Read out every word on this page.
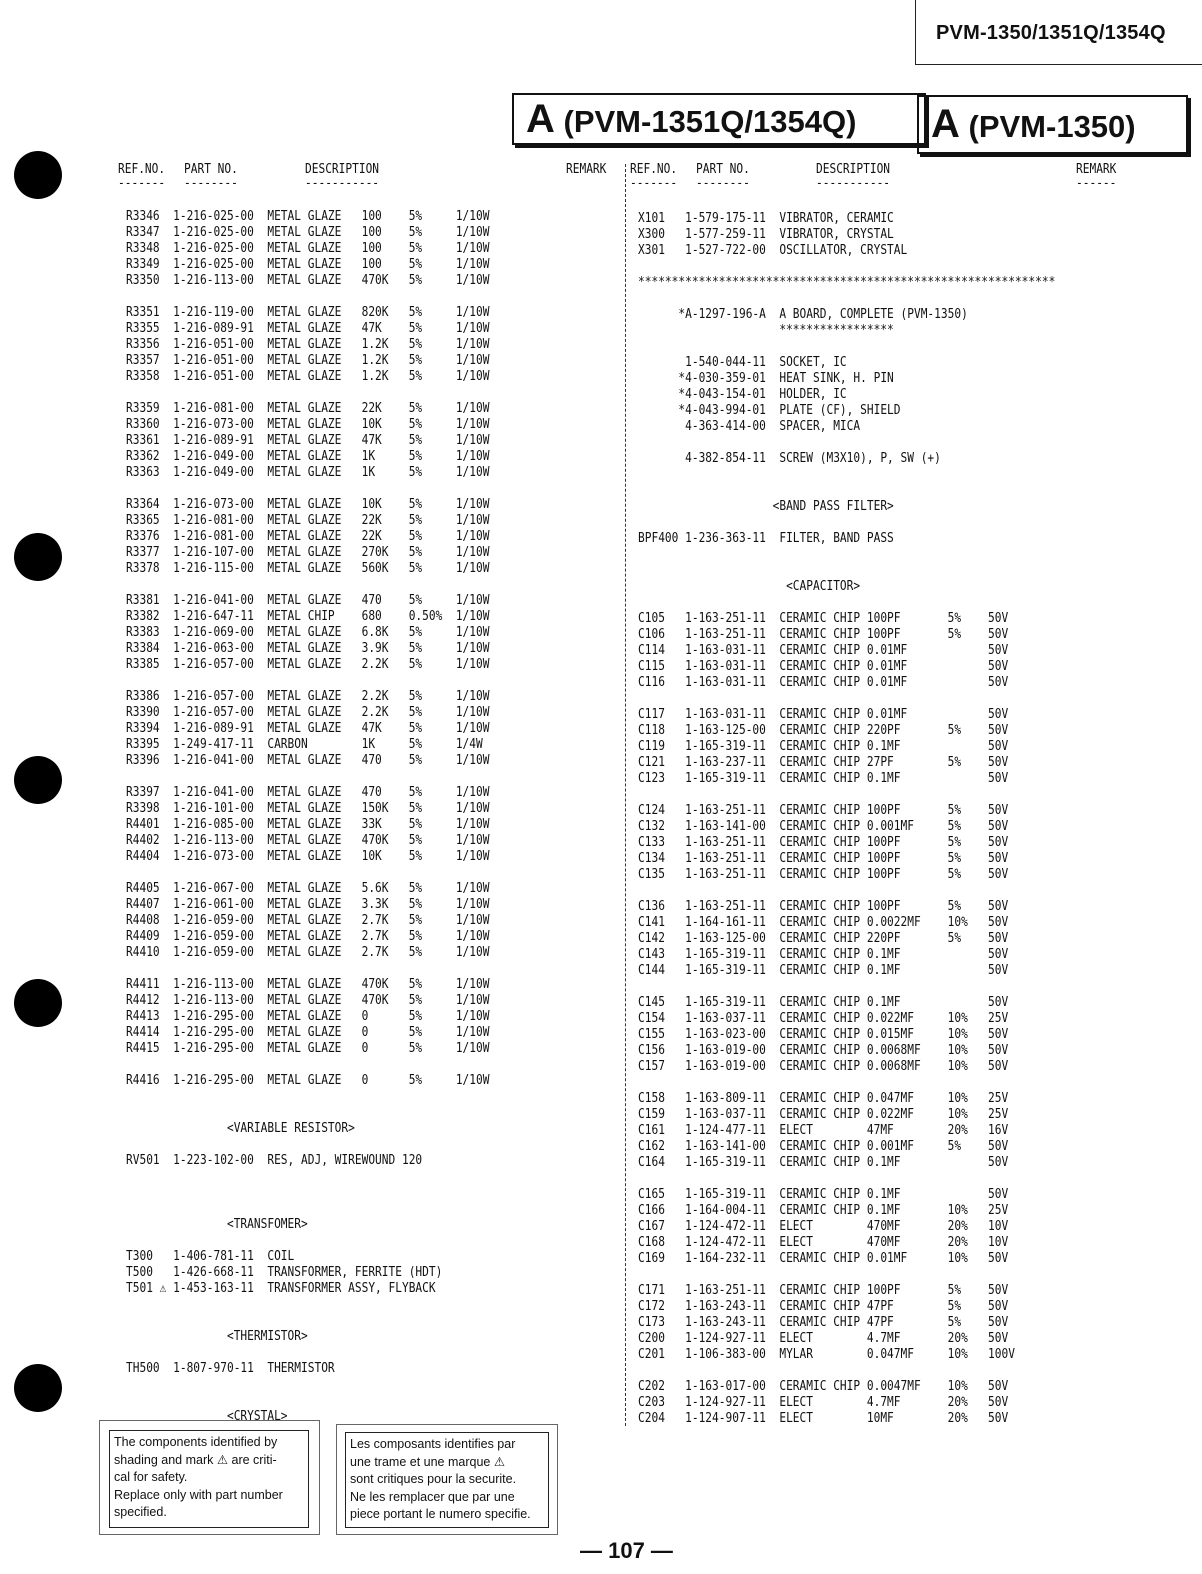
PVM-1350/1351Q/1354Q
A (PVM-1351Q/1354Q)	A (PVM-1350)
REF.NO. PART NO.	DESCRIPTION	REMARK
------- --------	-----------
REF.NO. PART NO.	DESCRIPTION	REMARK
------- --------	-----------	------
R3346  1-216-025-00  METAL GLAZE   100    5%     1/10W
R3347  1-216-025-00  METAL GLAZE   100    5%     1/10W
R3348  1-216-025-00  METAL GLAZE   100    5%     1/10W
R3349  1-216-025-00  METAL GLAZE   100    5%     1/10W
R3350  1-216-113-00  METAL GLAZE   470K   5%     1/10W

R3351  1-216-119-00  METAL GLAZE   820K   5%     1/10W
R3355  1-216-089-91  METAL GLAZE   47K    5%     1/10W
R3356  1-216-051-00  METAL GLAZE   1.2K   5%     1/10W
R3357  1-216-051-00  METAL GLAZE   1.2K   5%     1/10W
R3358  1-216-051-00  METAL GLAZE   1.2K   5%     1/10W

R3359  1-216-081-00  METAL GLAZE   22K    5%     1/10W
R3360  1-216-073-00  METAL GLAZE   10K    5%     1/10W
R3361  1-216-089-91  METAL GLAZE   47K    5%     1/10W
R3362  1-216-049-00  METAL GLAZE   1K     5%     1/10W
R3363  1-216-049-00  METAL GLAZE   1K     5%     1/10W

R3364  1-216-073-00  METAL GLAZE   10K    5%     1/10W
R3365  1-216-081-00  METAL GLAZE   22K    5%     1/10W
R3376  1-216-081-00  METAL GLAZE   22K    5%     1/10W
R3377  1-216-107-00  METAL GLAZE   270K   5%     1/10W
R3378  1-216-115-00  METAL GLAZE   560K   5%     1/10W

R3381  1-216-041-00  METAL GLAZE   470    5%     1/10W
R3382  1-216-647-11  METAL CHIP    680    0.50%  1/10W
R3383  1-216-069-00  METAL GLAZE   6.8K   5%     1/10W
R3384  1-216-063-00  METAL GLAZE   3.9K   5%     1/10W
R3385  1-216-057-00  METAL GLAZE   2.2K   5%     1/10W

R3386  1-216-057-00  METAL GLAZE   2.2K   5%     1/10W
R3390  1-216-057-00  METAL GLAZE   2.2K   5%     1/10W
R3394  1-216-089-91  METAL GLAZE   47K    5%     1/10W
R3395  1-249-417-11  CARBON        1K     5%     1/4W
R3396  1-216-041-00  METAL GLAZE   470    5%     1/10W

R3397  1-216-041-00  METAL GLAZE   470    5%     1/10W
R3398  1-216-101-00  METAL GLAZE   150K   5%     1/10W
R4401  1-216-085-00  METAL GLAZE   33K    5%     1/10W
R4402  1-216-113-00  METAL GLAZE   470K   5%     1/10W
R4404  1-216-073-00  METAL GLAZE   10K    5%     1/10W

R4405  1-216-067-00  METAL GLAZE   5.6K   5%     1/10W
R4407  1-216-061-00  METAL GLAZE   3.3K   5%     1/10W
R4408  1-216-059-00  METAL GLAZE   2.7K   5%     1/10W
R4409  1-216-059-00  METAL GLAZE   2.7K   5%     1/10W
R4410  1-216-059-00  METAL GLAZE   2.7K   5%     1/10W

R4411  1-216-113-00  METAL GLAZE   470K   5%     1/10W
R4412  1-216-113-00  METAL GLAZE   470K   5%     1/10W
R4413  1-216-295-00  METAL GLAZE   0      5%     1/10W
R4414  1-216-295-00  METAL GLAZE   0      5%     1/10W
R4415  1-216-295-00  METAL GLAZE   0      5%     1/10W

R4416  1-216-295-00  METAL GLAZE   0      5%     1/10W

<VARIABLE RESISTOR>

RV501  1-223-102-00  RES, ADJ, WIREWOUND 120

<TRANSFOMER>

T300   1-406-781-11  COIL
T500   1-426-668-11  TRANSFORMER, FERRITE (HDT)
T501 ⚠ 1-453-163-11  TRANSFORMER ASSY, FLYBACK

<THERMISTOR>

TH500  1-807-970-11  THERMISTOR

<CRYSTAL>
X101   1-579-175-11  VIBRATOR, CERAMIC
X300   1-577-259-11  VIBRATOR, CRYSTAL
X301   1-527-722-00  OSCILLATOR, CRYSTAL

**************************************************************

*A-1297-196-A  A BOARD, COMPLETE (PVM-1350)
*****************

1-540-044-11  SOCKET, IC
*4-030-359-01  HEAT SINK, H. PIN
*4-043-154-01  HOLDER, IC
*4-043-994-01  PLATE (CF), SHIELD
4-363-414-00  SPACER, MICA

4-382-854-11  SCREW (M3X10), P, SW (+)

<BAND PASS FILTER>

BPF400 1-236-363-11  FILTER, BAND PASS

<CAPACITOR>

C105   1-163-251-11  CERAMIC CHIP 100PF       5%    50V
C106   1-163-251-11  CERAMIC CHIP 100PF       5%    50V
C114   1-163-031-11  CERAMIC CHIP 0.01MF            50V
C115   1-163-031-11  CERAMIC CHIP 0.01MF            50V
C116   1-163-031-11  CERAMIC CHIP 0.01MF            50V

C117   1-163-031-11  CERAMIC CHIP 0.01MF            50V
C118   1-163-125-00  CERAMIC CHIP 220PF       5%    50V
C119   1-165-319-11  CERAMIC CHIP 0.1MF             50V
C121   1-163-237-11  CERAMIC CHIP 27PF        5%    50V
C123   1-165-319-11  CERAMIC CHIP 0.1MF             50V

C124   1-163-251-11  CERAMIC CHIP 100PF       5%    50V
C132   1-163-141-00  CERAMIC CHIP 0.001MF     5%    50V
C133   1-163-251-11  CERAMIC CHIP 100PF       5%    50V
C134   1-163-251-11  CERAMIC CHIP 100PF       5%    50V
C135   1-163-251-11  CERAMIC CHIP 100PF       5%    50V

C136   1-163-251-11  CERAMIC CHIP 100PF       5%    50V
C141   1-164-161-11  CERAMIC CHIP 0.0022MF    10%   50V
C142   1-163-125-00  CERAMIC CHIP 220PF       5%    50V
C143   1-165-319-11  CERAMIC CHIP 0.1MF             50V
C144   1-165-319-11  CERAMIC CHIP 0.1MF             50V

C145   1-165-319-11  CERAMIC CHIP 0.1MF             50V
C154   1-163-037-11  CERAMIC CHIP 0.022MF     10%   25V
C155   1-163-023-00  CERAMIC CHIP 0.015MF     10%   50V
C156   1-163-019-00  CERAMIC CHIP 0.0068MF    10%   50V
C157   1-163-019-00  CERAMIC CHIP 0.0068MF    10%   50V

C158   1-163-809-11  CERAMIC CHIP 0.047MF     10%   25V
C159   1-163-037-11  CERAMIC CHIP 0.022MF     10%   25V
C161   1-124-477-11  ELECT        47MF        20%   16V
C162   1-163-141-00  CERAMIC CHIP 0.001MF     5%    50V
C164   1-165-319-11  CERAMIC CHIP 0.1MF             50V

C165   1-165-319-11  CERAMIC CHIP 0.1MF             50V
C166   1-164-004-11  CERAMIC CHIP 0.1MF       10%   25V
C167   1-124-472-11  ELECT        470MF       20%   10V
C168   1-124-472-11  ELECT        470MF       20%   10V
C169   1-164-232-11  CERAMIC CHIP 0.01MF      10%   50V

C171   1-163-251-11  CERAMIC CHIP 100PF       5%    50V
C172   1-163-243-11  CERAMIC CHIP 47PF        5%    50V
C173   1-163-243-11  CERAMIC CHIP 47PF        5%    50V
C200   1-124-927-11  ELECT        4.7MF       20%   50V
C201   1-106-383-00  MYLAR        0.047MF     10%   100V

C202   1-163-017-00  CERAMIC CHIP 0.0047MF    10%   50V
C203   1-124-927-11  ELECT        4.7MF       20%   50V
C204   1-124-907-11  ELECT        10MF        20%   50V
The components identified by
shading and mark ⚠ are criti-
cal for safety.
Replace only with part number
specified.
Les composants identifies par
une trame et une marque ⚠
sont critiques pour la securite.
Ne les remplacer que par une
piece portant le numero specifie.
— 107 —
